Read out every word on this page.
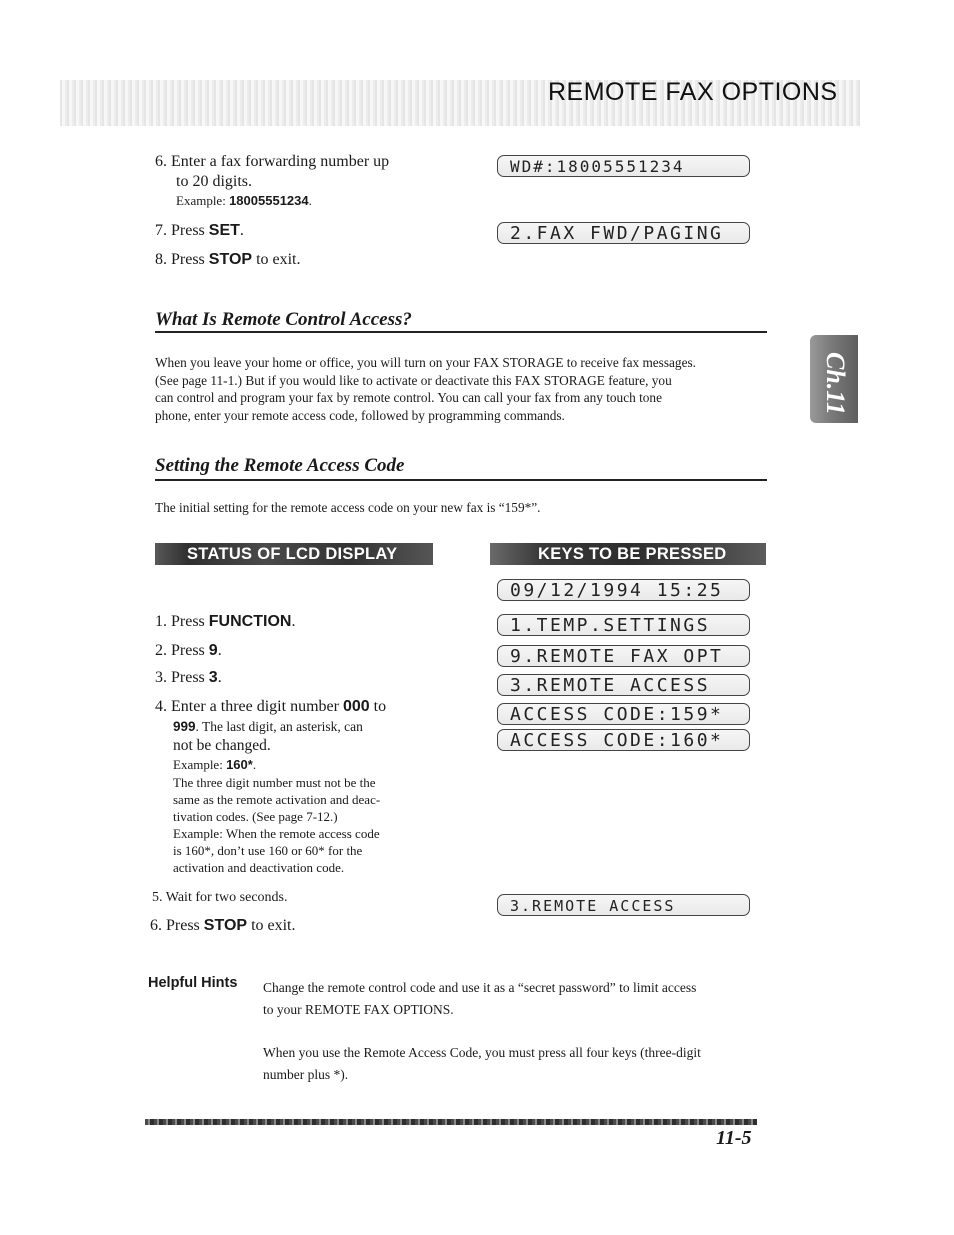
REMOTE FAX OPTIONS
Ch.11
6. Enter a fax forwarding number up
to 20 digits.
Example: 18005551234.
7. Press SET.
8. Press STOP to exit.
WD#:18005551234
2.FAX FWD/PAGING
What Is Remote Control Access?
When you leave your home or office, you will turn on your FAX STORAGE to receive fax messages.
(See page 11-1.) But if you would like to activate or deactivate this FAX STORAGE feature, you
can control and program your fax by remote control. You can call your fax from any touch tone
phone, enter your remote access code, followed by programming commands.
Setting the Remote Access Code
The initial setting for the remote access code on your new fax is “159*”.
STATUS OF LCD DISPLAY	KEYS TO BE PRESSED
09/12/1994 15:25
1.TEMP.SETTINGS
9.REMOTE FAX OPT
3.REMOTE ACCESS
ACCESS CODE:159*
ACCESS CODE:160*
1. Press FUNCTION.
2. Press 9.
3. Press 3.
4. Enter a three digit number 000 to
999. The last digit, an asterisk, can
not be changed.
Example: 160*.
The three digit number must not be the
same as the remote activation and deac-
tivation codes. (See page 7-12.)
Example: When the remote access code
is 160*, don’t use 160 or 60* for the
activation and deactivation code.
5. Wait for two seconds.
6. Press STOP to exit.
3.REMOTE ACCESS
Helpful Hints Change the remote control code and use it as a “secret password” to limit access
to your REMOTE FAX OPTIONS.
When you use the Remote Access Code, you must press all four keys (three-digit
number plus *).
11-5
